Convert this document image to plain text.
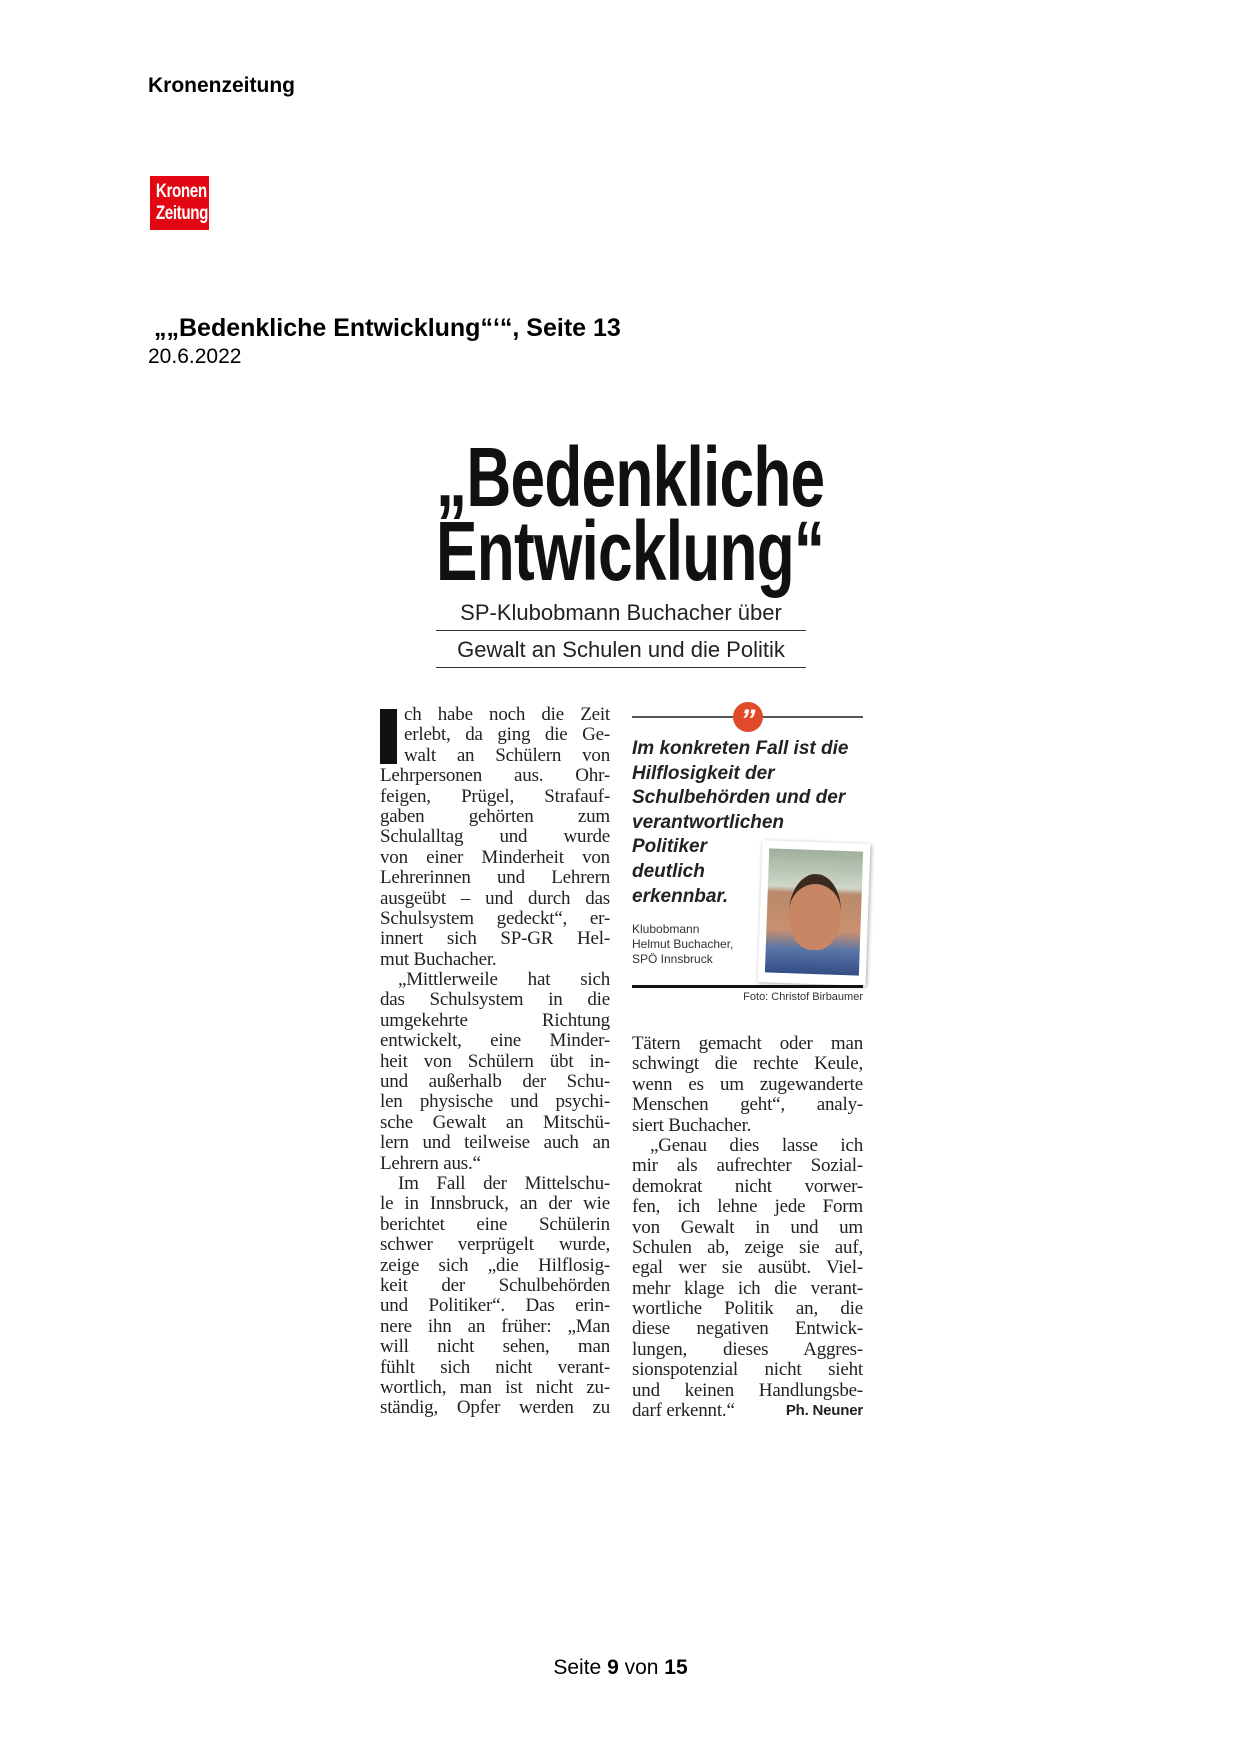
Kronenzeitung
Kronen
Zeitung
„„Bedenkliche Entwicklung“‘“, Seite 13
20.6.2022
„Bedenkliche
Entwicklung“
SP-Klubobmann Buchacher über
Gewalt an Schulen und die Politik
ch habe noch die Zeit
erlebt, da ging die Ge-
walt an Schülern von
Lehrpersonen aus. Ohr-
feigen, Prügel, Strafauf-
gaben gehörten zum
Schulalltag und wurde
von einer Minderheit von
Lehrerinnen und Lehrern
ausgeübt – und durch das
Schulsystem gedeckt“, er-
innert sich SP-GR Hel-
mut Buchacher.
„Mittlerweile hat sich
das Schulsystem in die
umgekehrte Richtung
entwickelt, eine Minder-
heit von Schülern übt in-
und außerhalb der Schu-
len physische und psychi-
sche Gewalt an Mitschü-
lern und teilweise auch an
Lehrern aus.“
Im Fall der Mittelschu-
le in Innsbruck, an der wie
berichtet eine Schülerin
schwer verprügelt wurde,
zeige sich „die Hilflosig-
keit der Schulbehörden
und Politiker“. Das erin-
nere ihn an früher: „Man
will nicht sehen, man
fühlt sich nicht verant-
wortlich, man ist nicht zu-
ständig, Opfer werden zu
”
Im konkreten Fall ist die
Hilflosigkeit der
Schulbehörden und der
verantwortlichen
Politiker
deutlich
erkennbar.
Klubobmann
Helmut Buchacher,
SPÖ Innsbruck
Foto: Christof Birbaumer
Tätern gemacht oder man
schwingt die rechte Keule,
wenn es um zugewanderte
Menschen geht“, analy-
siert Buchacher.
„Genau dies lasse ich
mir als aufrechter Sozial-
demokrat nicht vorwer-
fen, ich lehne jede Form
von Gewalt in und um
Schulen ab, zeige sie auf,
egal wer sie ausübt. Viel-
mehr klage ich die verant-
wortliche Politik an, die
diese negativen Entwick-
lungen, dieses Aggres-
sionspotenzial nicht sieht
und keinen Handlungsbe-
darf erkennt.“	Ph. Neuner
Seite 9 von 15
